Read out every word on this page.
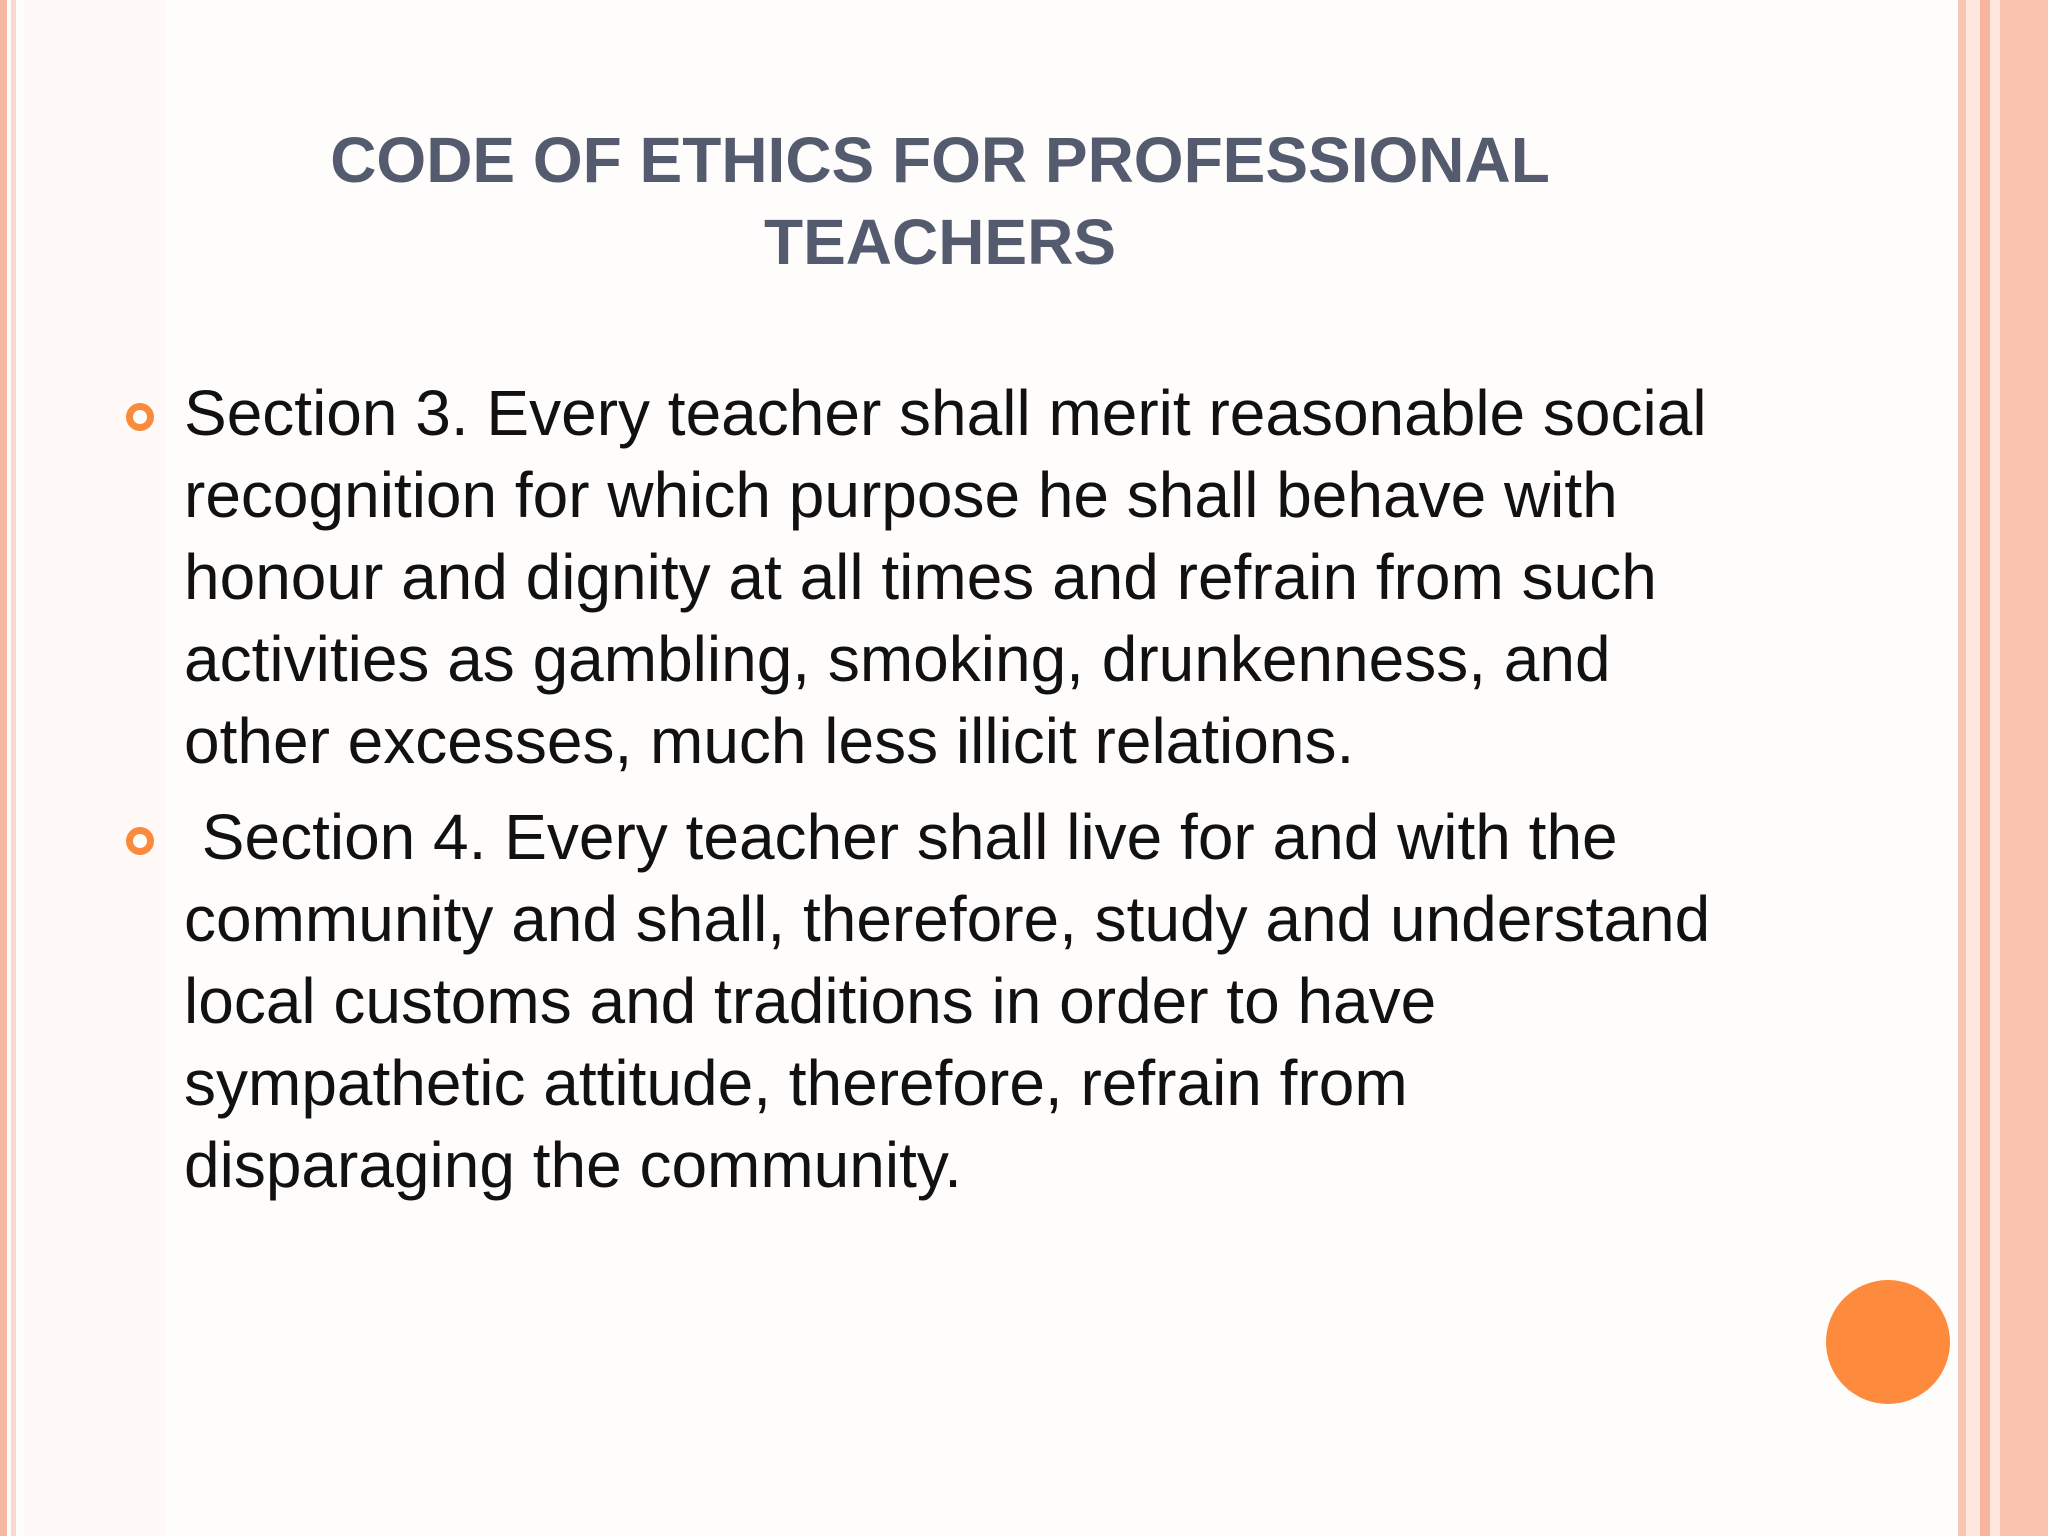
CODE OF ETHICS FOR PROFESSIONAL
TEACHERS
Section 3. Every teacher shall merit reasonable social recognition for which purpose he shall behave with honour and dignity at all times and refrain from such activities as gambling, smoking, drunkenness, and other excesses, much less illicit relations.
Section 4. Every teacher shall live for and with the community and shall, therefore, study and understand local customs and traditions in order to have sympathetic attitude, therefore, refrain from disparaging the community.
